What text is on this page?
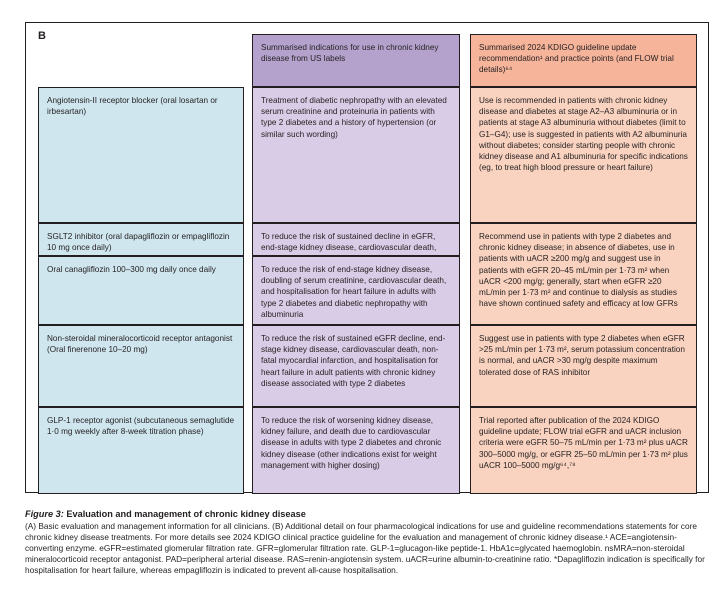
B
Summarised indications for use in chronic kidney disease from US labels
Summarised 2024 KDIGO guideline update recommendation¹ and practice points (and FLOW trial details)⁶⁴
Angiotensin-II receptor blocker (oral losartan or irbesartan)
Treatment of diabetic nephropathy with an elevated serum creatinine and proteinuria in patients with type 2 diabetes and a history of hypertension (or similar such wording)
Use is recommended in patients with chronic kidney disease and diabetes at stage A2–A3 albuminuria or in patients at stage A3 albuminuria without diabetes (limit to G1–G4); use is suggested in patients with A2 albuminuria without diabetes; consider starting people with chronic kidney disease and A1 albuminuria for specific indications (eg, to treat high blood pressure or heart failure)
SGLT2 inhibitor (oral dapagliflozin or empagliflozin 10 mg once daily)
To reduce the risk of sustained decline in eGFR, end-stage kidney disease, cardiovascular death,
Oral canagliflozin 100–300 mg daily once daily	To reduce the risk of end-stage kidney disease, doubling of serum creatinine, cardiovascular death, and hospitalisation for heart failure in adults with type 2 diabetes and diabetic nephropathy with albuminuria
Recommend use in patients with type 2 diabetes and chronic kidney disease; in absence of diabetes, use in patients with uACR ≥200 mg/g and suggest use in patients with eGFR 20–45 mL/min per 1·73 m² when uACR <200 mg/g; generally, start when eGFR ≥20 mL/min per 1·73 m² and continue to dialysis as studies have shown continued safety and efficacy at low GFRs
Non-steroidal mineralocorticoid receptor antagonist (Oral finerenone 10–20 mg)
To reduce the risk of sustained eGFR decline, end-stage kidney disease, cardiovascular death, non-fatal myocardial infarction, and hospitalisation for heart failure in adult patients with chronic kidney disease associated with type 2 diabetes
Suggest use in patients with type 2 diabetes when eGFR >25 mL/min per 1·73 m², serum potassium concentration is normal, and uACR >30 mg/g despite maximum tolerated dose of RAS inhibitor
GLP-1 receptor agonist (subcutaneous semaglutide 1·0 mg weekly after 8-week titration phase)
To reduce the risk of worsening kidney disease, kidney failure, and death due to cardiovascular disease in adults with type 2 diabetes and chronic kidney disease (other indications exist for weight management with higher dosing)
Trial reported after publication of the 2024 KDIGO guideline update; FLOW trial eGFR and uACR inclusion criteria were eGFR 50–75 mL/min per 1·73 m² plus uACR 300–5000 mg/g, or eGFR 25–50 mL/min per 1·73 m² plus uACR 100–5000 mg/g⁶⁴,⁷⁸
Figure 3: Evaluation and management of chronic kidney disease

(A) Basic evaluation and management information for all clinicians. (B) Additional detail on four pharmacological indications for use and guideline recommendations statements for core chronic kidney disease treatments. For more details see 2024 KDIGO clinical practice guideline for the evaluation and management of chronic kidney disease.¹ ACE=angiotensin-converting enzyme. eGFR=estimated glomerular filtration rate. GFR=glomerular filtration rate. GLP-1=glucagon-like peptide-1. HbA1c=glycated haemoglobin. nsMRA=non-steroidal mineralocorticoid receptor antagonist. PAD=peripheral arterial disease. RAS=renin-angiotensin system. uACR=urine albumin-to-creatinine ratio. *Dapagliflozin indication is specifically for hospitalisation for heart failure, whereas empagliflozin is indicated to prevent all-cause hospitalisation.
